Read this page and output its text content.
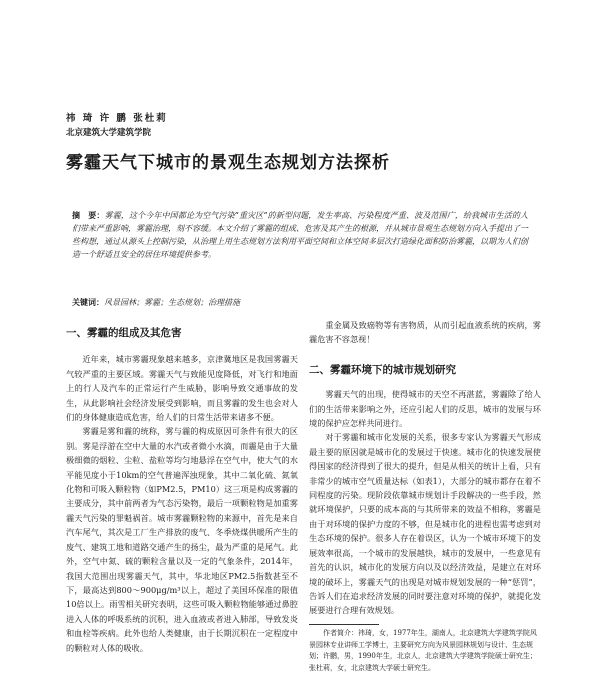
祎 琦 许 鹏 张杜莉
北京建筑大学建筑学院
雾霾天气下城市的景观生态规划方法探析
摘　要：雾霾，这个今年中国都论为空气污染“重灾区”的新型问题，发生率高、污染程度严重、波及范围广，给我城市生活的人们带来严重影响，雾霾治理，刻不容缓。本文介绍了雾霾的组成、危害及其产生的根源，并从城市景观生态规划方向入手提出了一些构想，通过从源头上控制污染，从治理上用生态规划方法利用平面空间和立体空间多层次打造绿化面积防治雾霾，以期为人们创造一个舒适且安全的居住环境提供参考。
关键词：风景园林；雾霾；生态规划；治理措施
一、雾霾的组成及其危害

近年来，城市雾霾现象越来越多，京津冀地区是我国雾霾天气较严重的主要区域。雾霾天气与致能见度降低，对飞行和地面上的行人及汽车的正常运行产生威胁，影响导致交通事故的发生，从此影响社会经济发展受到影响，而且雾霾的发生也会对人们的身体健康造成危害，给人们的日常生活带来诸多不便。

雾霾是雾和霾的统称，雾与霾的构成原因可条件有很大的区别。雾是浮游在空中大量的水汽或者微小水滴，而霾是由于大量极细微的烟粒、尘粒、盐粒等均匀地悬浮在空气中，使大气的水平能见度小于10km的空气普遍浑浊现象，其中二氧化硫、氮氧化物和可吸入颗粒物（如PM2.5，PM10）这三项是构成雾霾的主要成分，其中前两者为气态污染物，最后一项颗粒物是加重雾霾天气污染的罪魁祸首。城市雾霾颗粒物的来源中，首先是来自汽车尾气，其次是工厂生产排放的废气、冬季烧煤供暖所产生的废气、建筑工地和道路交通产生的扬尘，最为严重的是尾气。此外，空气中氮、硫的颗粒含量以及一定的气象条件，2014年，我国大范围出现雾霾天气，其中，华北地区PM2.5指数甚至不下，最高达到800～900μg/m³以上，超过了美国环保准的限值10倍以上。雨雪相关研究表明，这些可吸入颗粒物能够通过鼻腔进入人体的呼吸系统的沉积，进入血液或者进入肺部，导致发炎和血栓等疾病。此外也给人类健康，由于长期沉积在一定程度中的颗粒对人体的吸收。

重金属及致癌物等有害物质，从而引起血液系统的疾病，雾霾危害不容忽视！

二、雾霾环境下的城市规划研究

雾霾天气的出现，使得城市的天空不再湛蓝，雾霾除了给人们的生活带来影响之外，还应引起人们的反思，城市的发展与环境的保护应怎样共同进行。

对于雾霾和城市化发展的关系，很多专家认为雾霾天气形成最主要的原因就是城市化的发展过于快速。城市化的快速发展使得国家的经济得到了很大的提升，但是从相关的统计上看，只有非常少的城市空气质量达标（如表1），大部分的城市都存在着不同程度的污染。现阶段依靠城市规划计手段解决的一些手段，然就环境保护，只要的成本高的与其所带来的效益不相称，雾霾是由于对环境的保护力度的不够，但是城市化的进程也需考虑到对生态环境的保护。很多人存在着误区，认为一个城市环境下的发展效率很高，一个城市的发展越快，城市的发展中，一些意见有首先的认识，城市化的发展方向以及以经济效益，是建立在对环境的破坏上，雾霾天气的出现是对城市规划发展的一种“惩罚”，告诉人们在追求经济发展的同时要注意对环境的保护，就提化发展要进行合理有效规划。

作者简介：祎琦，女，1977年生，湖南人，北京建筑大学建筑学院风景园林专业讲师工学博士，主要研究方向为风景园林规划与设计、生态规划；许鹏，男，1990年生，北京人，北京建筑大学建筑学院硕士研究生；张杜莉，女，北京建筑大学硕士研究生。
